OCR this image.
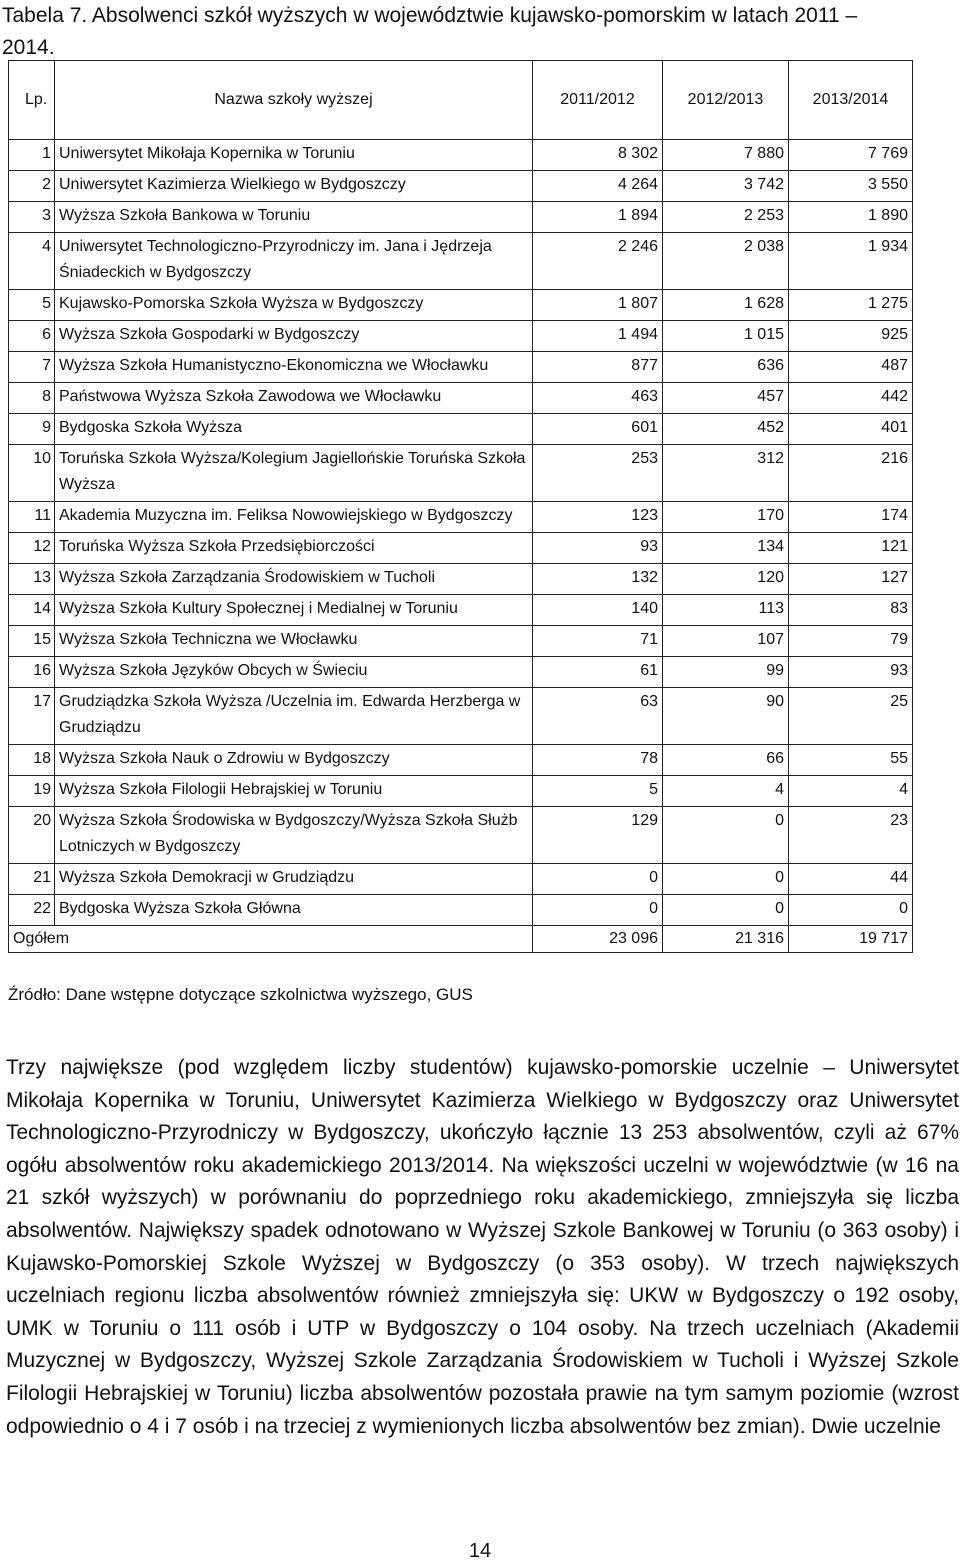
Tabela 7. Absolwenci szkół wyższych w województwie kujawsko-pomorskim w latach 2011 – 2014.
Lp.	Nazwa szkoły wyższej	2011/2012	2012/2013	2013/2014
1	Uniwersytet Mikołaja Kopernika w Toruniu	8 302	7 880	7 769
2	Uniwersytet Kazimierza Wielkiego w Bydgoszczy	4 264	3 742	3 550
3	Wyższa Szkoła Bankowa w Toruniu	1 894	2 253	1 890
4	Uniwersytet Technologiczno-Przyrodniczy im. Jana i Jędrzeja Śniadeckich w Bydgoszczy	2 246	2 038	1 934
5	Kujawsko-Pomorska Szkoła Wyższa w Bydgoszczy	1 807	1 628	1 275
6	Wyższa Szkoła Gospodarki w Bydgoszczy	1 494	1 015	925
7	Wyższa Szkoła Humanistyczno-Ekonomiczna we Włocławku	877	636	487
8	Państwowa Wyższa Szkoła Zawodowa we Włocławku	463	457	442
9	Bydgoska Szkoła Wyższa	601	452	401
10	Toruńska Szkoła Wyższa/Kolegium Jagiellońskie Toruńska Szkoła Wyższa	253	312	216
11	Akademia Muzyczna im. Feliksa Nowowiejskiego w Bydgoszczy	123	170	174
12	Toruńska Wyższa Szkoła Przedsiębiorczości	93	134	121
13	Wyższa Szkoła Zarządzania Środowiskiem w Tucholi	132	120	127
14	Wyższa Szkoła Kultury Społecznej i Medialnej w Toruniu	140	113	83
15	Wyższa Szkoła Techniczna we Włocławku	71	107	79
16	Wyższa Szkoła Języków Obcych w Świeciu	61	99	93
17	Grudziądzka Szkoła Wyższa /Uczelnia im. Edwarda Herzberga w Grudziądzu	63	90	25
18	Wyższa Szkoła Nauk o Zdrowiu w Bydgoszczy	78	66	55
19	Wyższa Szkoła Filologii Hebrajskiej w Toruniu	5	4	4
20	Wyższa Szkoła Środowiska w Bydgoszczy/Wyższa Szkoła Służb Lotniczych w Bydgoszczy	129	0	23
21	Wyższa Szkoła Demokracji w Grudziądzu	0	0	44
22	Bydgoska Wyższa Szkoła Główna	0	0	0
Ogółem		23 096	21 316	19 717
Źródło: Dane wstępne dotyczące szkolnictwa wyższego, GUS
Trzy największe (pod względem liczby studentów) kujawsko-pomorskie uczelnie – Uniwersytet Mikołaja Kopernika w Toruniu, Uniwersytet Kazimierza Wielkiego w Bydgoszczy oraz Uniwersytet Technologiczno-Przyrodniczy w Bydgoszczy, ukończyło łącznie 13 253 absolwentów, czyli aż 67% ogółu absolwentów roku akademickiego 2013/2014. Na większości uczelni w województwie (w 16 na 21 szkół wyższych) w porównaniu do poprzedniego roku akademickiego, zmniejszyła się liczba absolwentów. Największy spadek odnotowano w Wyższej Szkole Bankowej w Toruniu (o 363 osoby) i Kujawsko-Pomorskiej Szkole Wyższej w Bydgoszczy (o 353 osoby). W trzech największych uczelniach regionu liczba absolwentów również zmniejszyła się: UKW w Bydgoszczy o 192 osoby, UMK w Toruniu o 111 osób i UTP w Bydgoszczy o 104 osoby. Na trzech uczelniach (Akademii Muzycznej w Bydgoszczy, Wyższej Szkole Zarządzania Środowiskiem w Tucholi i Wyższej Szkole Filologii Hebrajskiej w Toruniu) liczba absolwentów pozostała prawie na tym samym poziomie (wzrost odpowiednio o 4 i 7 osób i na trzeciej z wymienionych liczba absolwentów bez zmian). Dwie uczelnie
14
